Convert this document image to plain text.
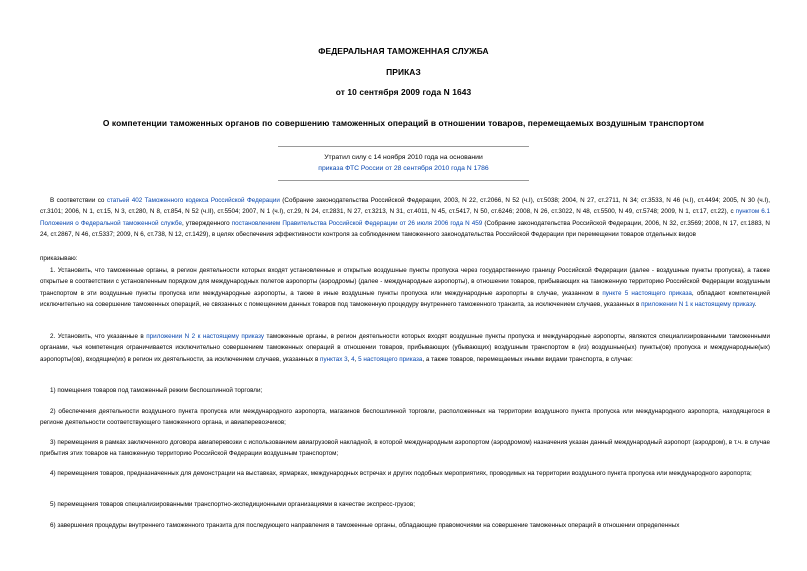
ФЕДЕРАЛЬНАЯ ТАМОЖЕННАЯ СЛУЖБА
ПРИКАЗ
от 10 сентября 2009 года N 1643
О компетенции таможенных органов по совершению таможенных операций в отношении товаров, перемещаемых воздушным транспортом
Утратил силу с 14 ноября 2010 года на основании
приказа ФТС России от 28 сентября 2010 года N 1786
В соответствии со статьей 402 Таможенного кодекса Российской Федерации (Собрание законодательства Российской Федерации, 2003, N 22, ст.2066, N 52 (ч.I), ст.5038; 2004, N 27, ст.2711, N 34; ст.3533, N 46 (ч.I), ст.4494; 2005, N 30 (ч.I), ст.3101; 2006, N 1, ст.15, N 3, ст.280, N 8, ст.854, N 52 (ч.II), ст.5504; 2007, N 1 (ч.I), ст.29, N 24, ст.2831, N 27, ст.3213, N 31, ст.4011, N 45, ст.5417, N 50, ст.6246; 2008, N 26, ст.3022, N 48, ст.5500, N 49, ст.5748; 2009, N 1, ст.17, ст.22), с пунктом 6.1 Положения о Федеральной таможенной службе, утвержденного постановлением Правительства Российской Федерации от 26 июля 2006 года N 459 (Собрание законодательства Российской Федерации, 2006, N 32, ст.3569; 2008, N 17, ст.1883, N 24, ст.2867, N 46, ст.5337; 2009, N 6, ст.738, N 12, ст.1429), в целях обеспечения эффективности контроля за соблюдением таможенного законодательства Российской Федерации при перемещении товаров отдельных видов
приказываю:
1. Установить, что таможенные органы, в регион деятельности которых входят установленные и открытые воздушные пункты пропуска через государственную границу Российской Федерации (далее - воздушные пункты пропуска), а также открытые в соответствии с установленным порядком для международных полетов аэропорты (аэродромы) (далее - международные аэропорты), в отношении товаров, прибывающих на таможенную территорию Российской Федерации воздушным транспортом в эти воздушные пункты пропуска или международные аэропорты, а также в иные воздушные пункты пропуска или международные аэропорты в случае, указанном в пункте 5 настоящего приказа, обладают компетенцией исключительно на совершение таможенных операций, не связанных с помещением данных товаров под таможенную процедуру внутреннего таможенного транзита, за исключением случаев, указанных в приложении N 1 к настоящему приказу.
2. Установить, что указанные в приложении N 2 к настоящему приказу таможенные органы, в регион деятельности которых входят воздушные пункты пропуска и международные аэропорты, являются специализированными таможенными органами, чья компетенция ограничивается исключительно совершением таможенных операций в отношении товаров, прибывающих (убывающих) воздушным транспортом в (из) воздушные(ых) пункты(ов) пропуска и международные(ых) аэропорты(ов), входящие(их) в регион их деятельности, за исключением случаев, указанных в пунктах 3, 4, 5 настоящего приказа, а также товаров, перемещаемых иными видами транспорта, в случае:
1) помещения товаров под таможенный режим беспошлинной торговли;
2) обеспечения деятельности воздушного пункта пропуска или международного аэропорта, магазинов беспошлинной торговли, расположенных на территории воздушного пункта пропуска или международного аэропорта, находящегося в регионе деятельности соответствующего таможенного органа, и авиаперевозчиков;
3) перемещения в рамках заключенного договора авиаперевозки с использованием авиагрузовой накладной, в которой международным аэропортом (аэродромом) назначения указан данный международный аэропорт (аэродром), в т.ч. в случае прибытия этих товаров на таможенную территорию Российской Федерации воздушным транспортом;
4) перемещения товаров, предназначенных для демонстрации на выставках, ярмарках, международных встречах и других подобных мероприятиях, проводимых на территории воздушного пункта пропуска или международного аэропорта;
5) перемещения товаров специализированными транспортно-экспедиционными организациями в качестве экспресс-грузов;
6) завершения процедуры внутреннего таможенного транзита для последующего направления в таможенные органы, обладающие правомочиями на совершение таможенных операций в отношении определенных
